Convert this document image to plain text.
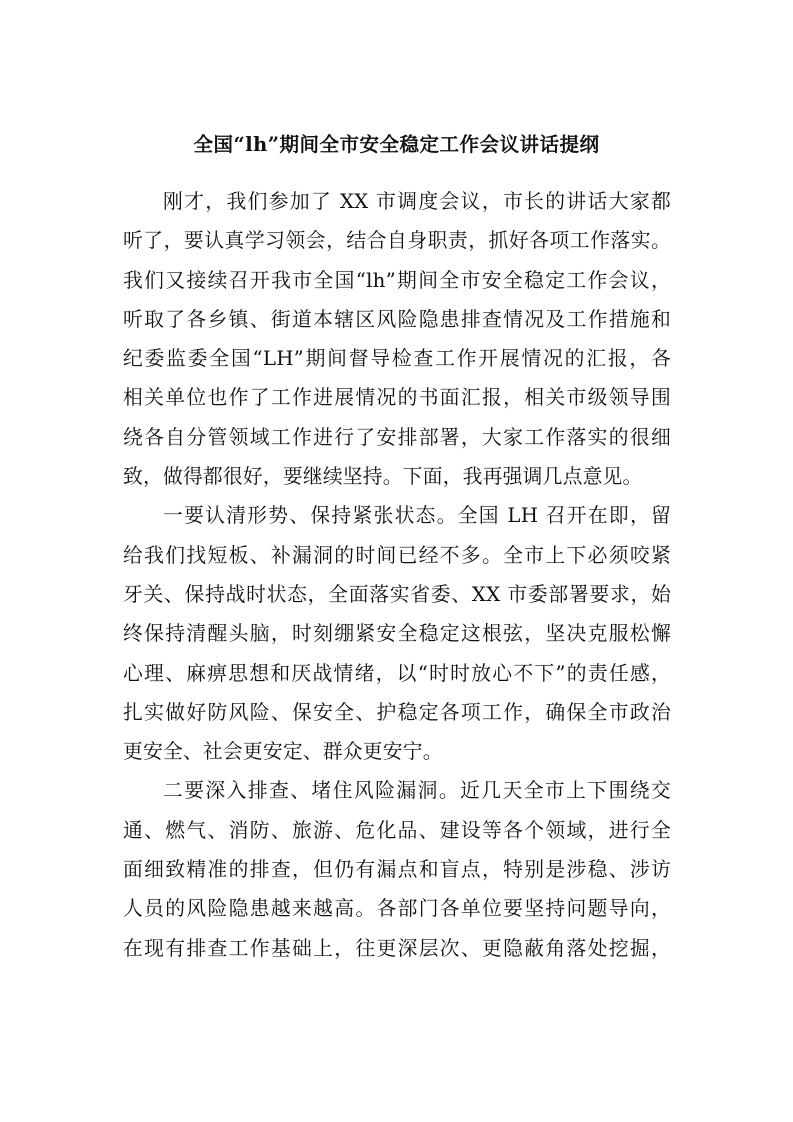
全国“lh”期间全市安全稳定工作会议讲话提纲
刚才，我们参加了 XX 市调度会议，市长的讲话大家都
听了，要认真学习领会，结合自身职责，抓好各项工作落实。
我们又接续召开我市全国“lh”期间全市安全稳定工作会议，
听取了各乡镇、街道本辖区风险隐患排查情况及工作措施和
纪委监委全国“LH”期间督导检查工作开展情况的汇报，各
相关单位也作了工作进展情况的书面汇报，相关市级领导围
绕各自分管领域工作进行了安排部署，大家工作落实的很细
致，做得都很好，要继续坚持。下面，我再强调几点意见。
一要认清形势、保持紧张状态。全国 LH 召开在即，留
给我们找短板、补漏洞的时间已经不多。全市上下必须咬紧
牙关、保持战时状态，全面落实省委、XX 市委部署要求，始
终保持清醒头脑，时刻绷紧安全稳定这根弦，坚决克服松懈
心理、麻痹思想和厌战情绪，以“时时放心不下”的责任感，
扎实做好防风险、保安全、护稳定各项工作，确保全市政治
更安全、社会更安定、群众更安宁。
二要深入排查、堵住风险漏洞。近几天全市上下围绕交
通、燃气、消防、旅游、危化品、建设等各个领域，进行全
面细致精准的排查，但仍有漏点和盲点，特别是涉稳、涉访
人员的风险隐患越来越高。各部门各单位要坚持问题导向，
在现有排查工作基础上，往更深层次、更隐蔽角落处挖掘，
